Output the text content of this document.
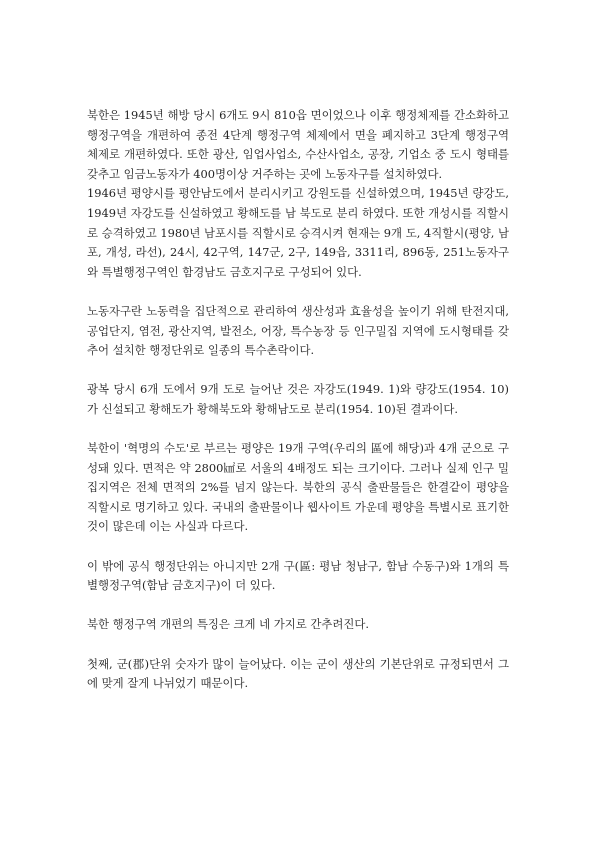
북한은 1945년 해방 당시 6개도 9시 810읍 면이었으나 이후 행정체제를 간소화하고 행정구역을 개편하여 종전 4단계 행정구역 체제에서 면을 폐지하고 3단계 행정구역 체제로 개편하였다. 또한 광산, 임업사업소, 수산사업소, 공장, 기업소 중 도시 형태를 갖추고 임금노동자가 400명이상 거주하는 곳에 노동자구를 설치하였다.

1946년 평양시를 평안남도에서 분리시키고 강원도를 신설하였으며, 1945년 량강도, 1949년 자강도를 신설하였고 황해도를 남 북도로 분리 하였다. 또한 개성시를 직할시로 승격하였고 1980년 남포시를 직할시로 승격시켜 현재는 9개 도, 4직할시(평양, 남포, 개성, 라선), 24시, 42구역, 147군, 2구, 149읍, 3311리, 896동, 251노동자구와 특별행정구역인 함경남도 금호지구로 구성되어 있다.

노동자구란 노동력을 집단적으로 관리하여 생산성과 효율성을 높이기 위해 탄전지대, 공업단지, 염전, 광산지역, 발전소, 어장, 특수농장 등 인구밀집 지역에 도시형태를 갖추어 설치한 행정단위로 일종의 특수촌락이다.

광복 당시 6개 도에서 9개 도로 늘어난 것은 자강도(1949. 1)와 량강도(1954. 10)가 신설되고 황해도가 황해북도와 황해남도로 분리(1954. 10)된 결과이다.

북한이 '혁명의 수도'로 부르는 평양은 19개 구역(우리의 區에 해당)과 4개 군으로 구성돼 있다. 면적은 약 2800㎢로 서울의 4배정도 되는 크기이다. 그러나 실제 인구 밀집지역은 전체 면적의 2%를 넘지 않는다. 북한의 공식 출판물들은 한결같이 평양을 직할시로 명기하고 있다. 국내의 출판물이나 웹사이트 가운데 평양을 특별시로 표기한 것이 많은데 이는 사실과 다르다.

이 밖에 공식 행정단위는 아니지만 2개 구(區: 평남 청남구, 함남 수동구)와 1개의 특별행정구역(함남 금호지구)이 더 있다.

북한 행정구역 개편의 특징은 크게 네 가지로 간추려진다.

첫째, 군(郡)단위 숫자가 많이 늘어났다. 이는 군이 생산의 기본단위로 규정되면서 그에 맞게 잘게 나뉘었기 때문이다.
